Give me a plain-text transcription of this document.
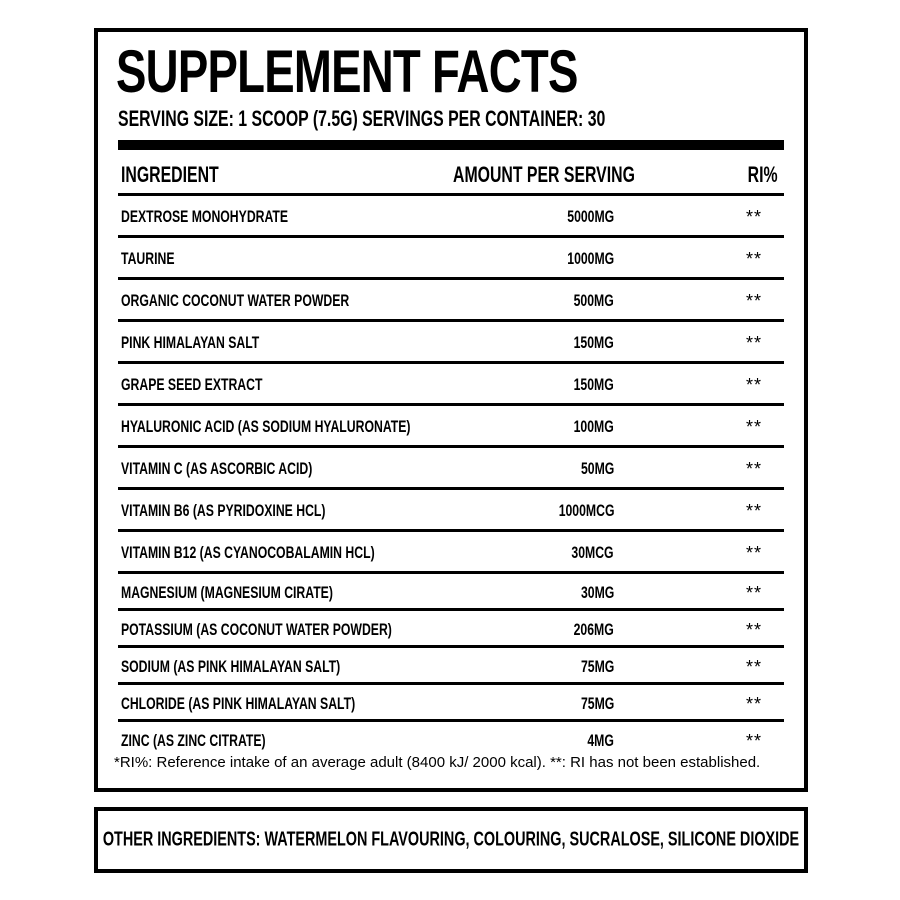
SUPPLEMENT FACTS
SERVING SIZE: 1 SCOOP (7.5G) SERVINGS PER CONTAINER: 30
INGREDIENT	AMOUNT PER SERVING	RI%
DEXTROSE MONOHYDRATE	5000MG	**
TAURINE	1000MG	**
ORGANIC COCONUT WATER POWDER	500MG	**
PINK HIMALAYAN SALT	150MG	**
GRAPE SEED EXTRACT	150MG	**
HYALURONIC ACID (AS SODIUM HYALURONATE)	100MG	**
VITAMIN C (AS ASCORBIC ACID)	50MG	**
VITAMIN B6 (AS PYRIDOXINE HCL)	1000MCG	**
VITAMIN B12 (AS CYANOCOBALAMIN HCL)	30MCG	**
MAGNESIUM (MAGNESIUM CIRATE)	30MG	**
POTASSIUM (AS COCONUT WATER POWDER)	206MG	**
SODIUM (AS PINK HIMALAYAN SALT)	75MG	**
CHLORIDE (AS PINK HIMALAYAN SALT)	75MG	**
ZINC (AS ZINC CITRATE)	4MG	**
*RI%: Reference intake of an average adult (8400 kJ/ 2000 kcal). **: RI has not been established.
OTHER INGREDIENTS: WATERMELON FLAVOURING, COLOURING, SUCRALOSE, SILICONE DIOXIDE
